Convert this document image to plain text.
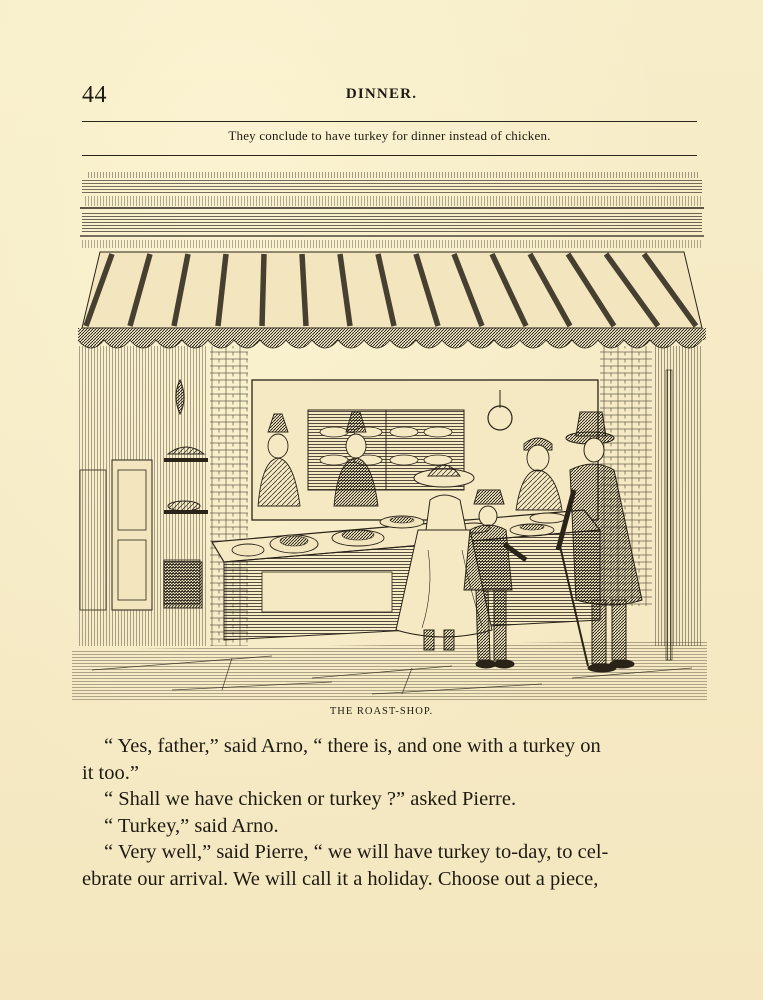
44	DINNER.
They conclude to have turkey for dinner instead of chicken.
THE ROAST-SHOP.

“ Yes, father,” said Arno, “ there is, and one with a turkey on

it too.”

“ Shall we have chicken or turkey ?” asked Pierre.

“ Turkey,” said Arno.

“ Very well,” said Pierre, “ we will have turkey to-day, to cel-

ebrate our arrival. We will call it a holiday. Choose out a piece,
